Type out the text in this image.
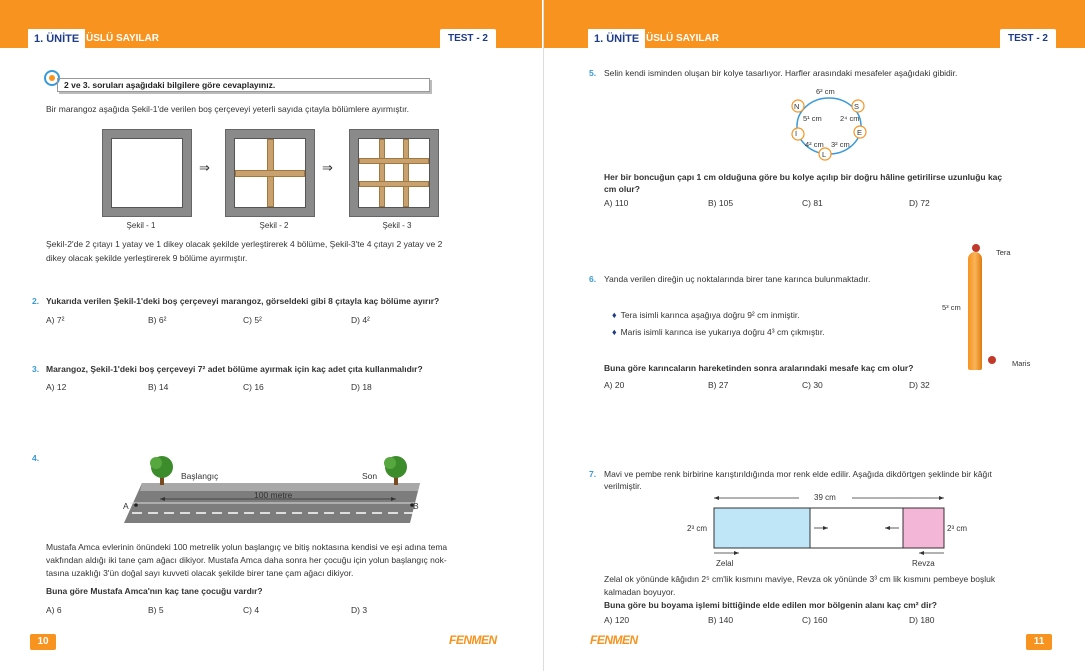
1. ÜNİTE ÜSLÜ SAYILAR	TEST - 2
2 ve 3. soruları aşağıdaki bilgilere göre cevaplayınız.
Bir marangoz aşağıda Şekil-1'de verilen boş çerçeveyi yeterli sayıda çıtayla bölümlere ayırmıştır.
⇒	⇒
Şekil - 1	Şekil - 2	Şekil - 3
Şekil-2'de 2 çıtayı 1 yatay ve 1 dikey olacak şekilde yerleştirerek 4 bölüme, Şekil-3'te 4 çıtayı 2 yatay ve 2
dikey olacak şekilde yerleştirerek 9 bölüme ayırmıştır.
2. Yukarıda verilen Şekil-1'deki boş çerçeveyi marangoz, görseldeki gibi 8 çıtayla kaç bölüme ayırır?
A) 7²	B) 6²	C) 5²	D) 4²
3. Marangoz, Şekil-1'deki boş çerçeveyi 7² adet bölüme ayırmak için kaç adet çıta kullanmalıdır?
A) 12	B) 14	C) 16	D) 18
4.
Başlangıç	Son
100 metre
A	B
Mustafa Amca evlerinin önündeki 100 metrelik yolun başlangıç ve bitiş noktasına kendisi ve eşi adına tema
vakfından aldığı iki tane çam ağacı dikiyor. Mustafa Amca daha sonra her çocuğu için yolun başlangıç nok-
tasına uzaklığı 3'ün doğal sayı kuvveti olacak şekilde birer tane çam ağacı dikiyor.
Buna göre Mustafa Amca'nın kaç tane çocuğu vardır?
A) 6	B) 5	C) 4	D) 3
10	FENMEN
1. ÜNİTE ÜSLÜ SAYILAR	TEST - 2
5. Selin kendi isminden oluşan bir kolye tasarlıyor. Harfler arasındaki mesafeler aşağıdaki gibidir.
N	S
İ	E
L
6² cm
5¹ cm 2⁴ cm
4² cm 3² cm
Her bir boncuğun çapı 1 cm olduğuna göre bu kolye açılıp bir doğru hâline getirilirse uzunluğu kaç
cm olur?
A) 110	B) 105	C) 81	D) 72
6. Yanda verilen direğin uç noktalarında birer tane karınca bulunmaktadır.
♦ Tera isimli karınca aşağıya doğru 9² cm inmiştir.
♦ Maris isimli karınca ise yukarıya doğru 4³ cm çıkmıştır.
Tera
Maris
5³ cm
Buna göre karıncaların hareketinden sonra aralarındaki mesafe kaç cm olur?
A) 20	B) 27	C) 30	D) 32
7. Mavi ve pembe renk birbirine karıştırıldığında mor renk elde edilir. Aşağıda dikdörtgen şeklinde bir kâğıt
verilmiştir.
39 cm
2³ cm	2³ cm
Zelal	Revza
Zelal ok yönünde kâğıdın 2⁵ cm'lik kısmını maviye, Revza ok yönünde 3³ cm lik kısmını pembeye boşluk
kalmadan boyuyor.
Buna göre bu boyama işlemi bittiğinde elde edilen mor bölgenin alanı kaç cm² dir?
A) 120	B) 140	C) 160	D) 180
FENMEN	11
